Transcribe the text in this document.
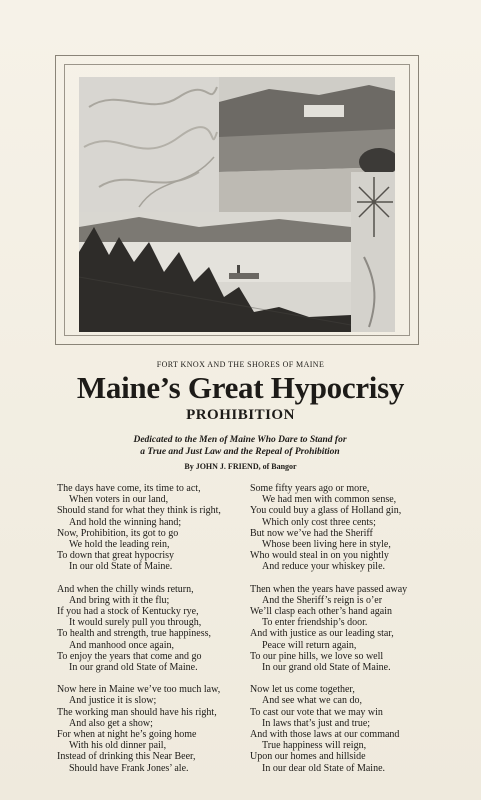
FORT KNOX AND THE SHORES OF MAINE
Maine’s Great Hypocrisy
PROHIBITION
Dedicated to the Men of Maine Who Dare to Stand for
a True and Just Law and the Repeal of Prohibition
By JOHN J. FRIEND, of Bangor
The days have come, its time to act,
When voters in our land,
Should stand for what they think is right,
And hold the winning hand;
Now, Prohibition, its got to go
We hold the leading rein,
To down that great hypocrisy
In our old State of Maine.
And when the chilly winds return,
And bring with it the flu;
If you had a stock of Kentucky rye,
It would surely pull you through,
To health and strength, true happiness,
And manhood once again,
To enjoy the years that come and go
In our grand old State of Maine.
Now here in Maine we’ve too much law,
And justice it is slow;
The working man should have his right,
And also get a show;
For when at night he’s going home
With his old dinner pail,
Instead of drinking this Near Beer,
Should have Frank Jones’ ale.
Some fifty years ago or more,
We had men with common sense,
You could buy a glass of Holland gin,
Which only cost three cents;
But now we’ve had the Sheriff
Whose been living here in style,
Who would steal in on you nightly
And reduce your whiskey pile.
Then when the years have passed away
And the Sheriff’s reign is o’er
We’ll clasp each other’s hand again
To enter friendship’s door.
And with justice as our leading star,
Peace will return again,
To our pine hills, we love so well
In our grand old State of Maine.
Now let us come together,
And see what we can do,
To cast our vote that we may win
In laws that’s just and true;
And with those laws at our command
True happiness will reign,
Upon our homes and hillside
In our dear old State of Maine.
